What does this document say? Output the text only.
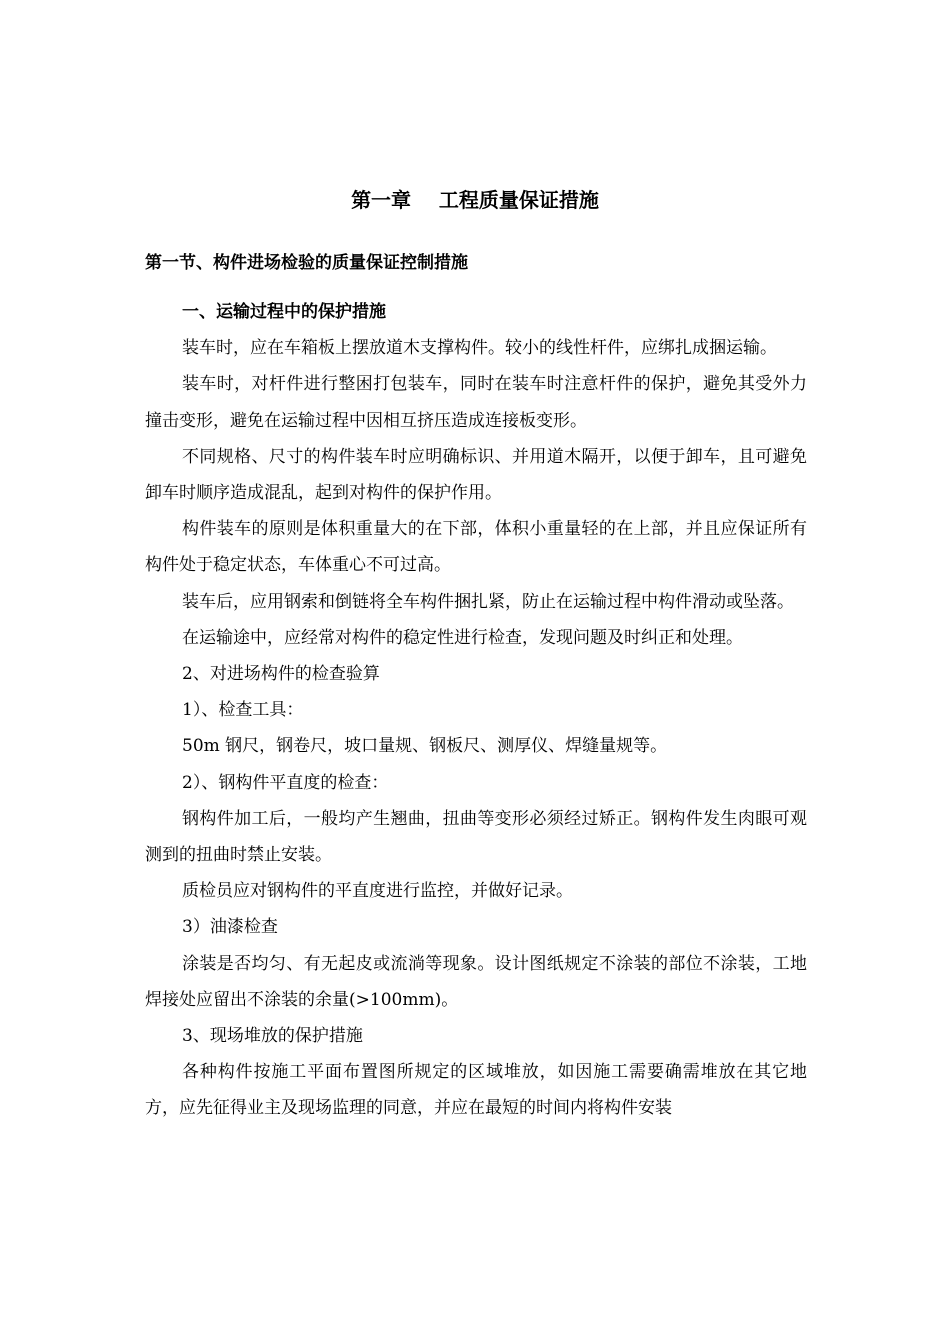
第一章    工程质量保证措施
第一节、构件进场检验的质量保证控制措施

一、运输过程中的保护措施

装车时，应在车箱板上摆放道木支撑构件。较小的线性杆件，应绑扎成捆运输。

装车时，对杆件进行整困打包装车，同时在装车时注意杆件的保护，避免其受外力撞击变形，避免在运输过程中因相互挤压造成连接板变形。

不同规格、尺寸的构件装车时应明确标识、并用道木隔开，以便于卸车，且可避免卸车时顺序造成混乱，起到对构件的保护作用。

构件装车的原则是体积重量大的在下部，体积小重量轻的在上部，并且应保证所有构件处于稳定状态，车体重心不可过高。

装车后，应用钢索和倒链将全车构件捆扎紧，防止在运输过程中构件滑动或坠落。

在运输途中，应经常对构件的稳定性进行检查，发现问题及时纠正和处理。

2、对进场构件的检查验算

1）、检查工具：

50m 钢尺，钢卷尺，坡口量规、钢板尺、测厚仪、焊缝量规等。

2）、钢构件平直度的检查：

钢构件加工后，一般均产生翘曲，扭曲等变形必须经过矫正。钢构件发生肉眼可观测到的扭曲时禁止安装。

质检员应对钢构件的平直度进行监控，并做好记录。

3）油漆检查

涂装是否均匀、有无起皮或流淌等现象。设计图纸规定不涂装的部位不涂装，工地焊接处应留出不涂装的余量(>100mm)。

3、现场堆放的保护措施

各种构件按施工平面布置图所规定的区域堆放，如因施工需要确需堆放在其它地方，应先征得业主及现场监理的同意，并应在最短的时间内将构件安装
